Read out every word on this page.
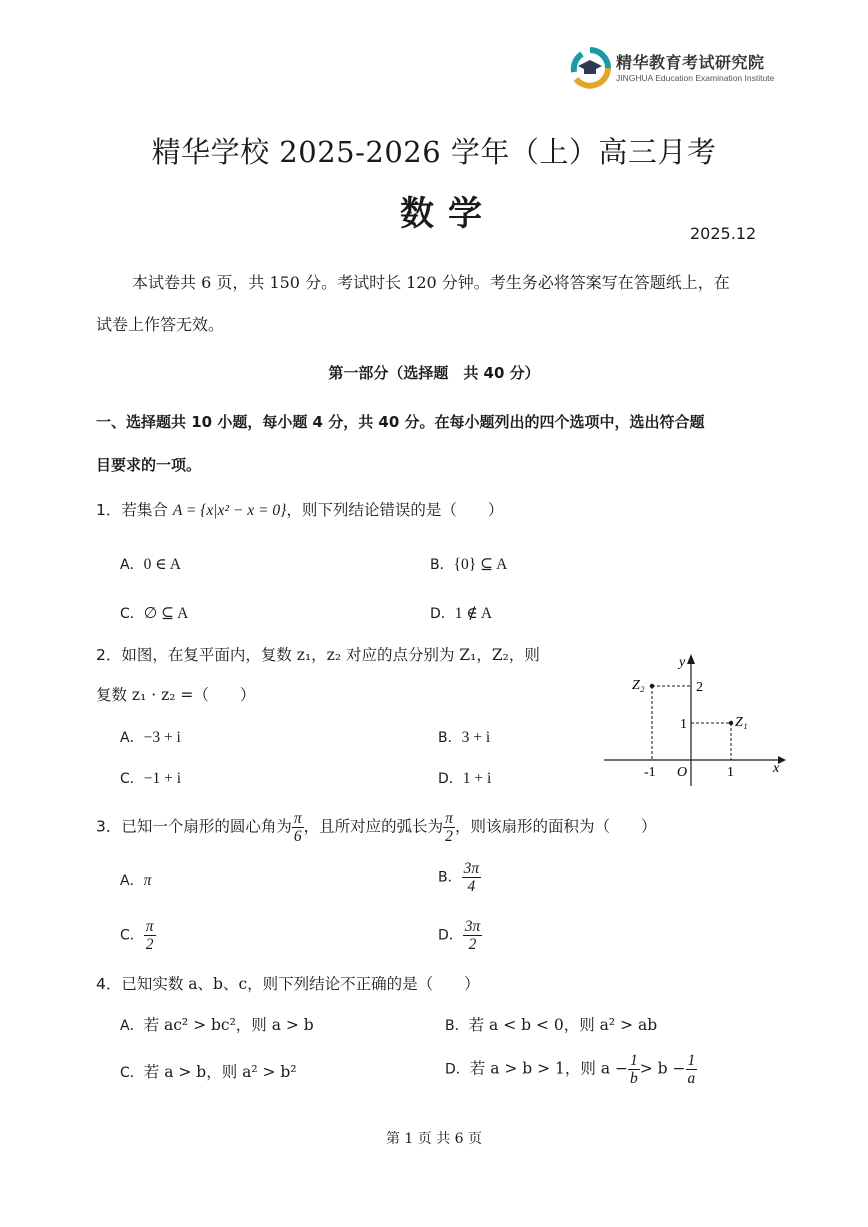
精华教育考试研究院
JINGHUA Education Examination Institute
精华学校 2025-2026 学年（上）高三月考
数学	2025.12
本试卷共 6 页，共 150 分。考试时长 120 分钟。考生务必将答案写在答题纸上，在
试卷上作答无效。
第一部分（选择题　共 40 分）
一、选择题共 10 小题，每小题 4 分，共 40 分。在每小题列出的四个选项中，选出符合题
目要求的一项。
1．若集合 A = {x|x² − x = 0}，则下列结论错误的是（　　）
A．0 ∈ A	B．{0} ⊆ A
C．∅ ⊆ A	D．1 ∉ A
2．如图，在复平面内，复数 z₁，z₂ 对应的点分别为 Z₁，Z₂，则
复数 z₁ · z₂ =（　　）
A．−3 + i	B．3 + i
C．−1 + i	D．1 + i
y
x
O
2
1
-1	1
Z₂
Z₁
3．已知一个扇形的圆心角为 $\frac{\pi}{6}$ ，且所对应的弧长为 $\frac{\pi}{2}$ ，则该扇形的面积为（　　）
A．π	B． $\frac{3\pi}{4}$
C． $\frac{\pi}{2}$	D． $\frac{3\pi}{2}$
4．已知实数 a、b、c，则下列结论不正确的是（　　）
A．若 ac² > bc²，则 a > b	B．若 a < b < 0，则 a² > ab
C．若 a > b，则 a² > b²	D．若 a > b > 1，则 $a - \frac{1}{b} > b - \frac{1}{a}$
第 1 页 共 6 页
